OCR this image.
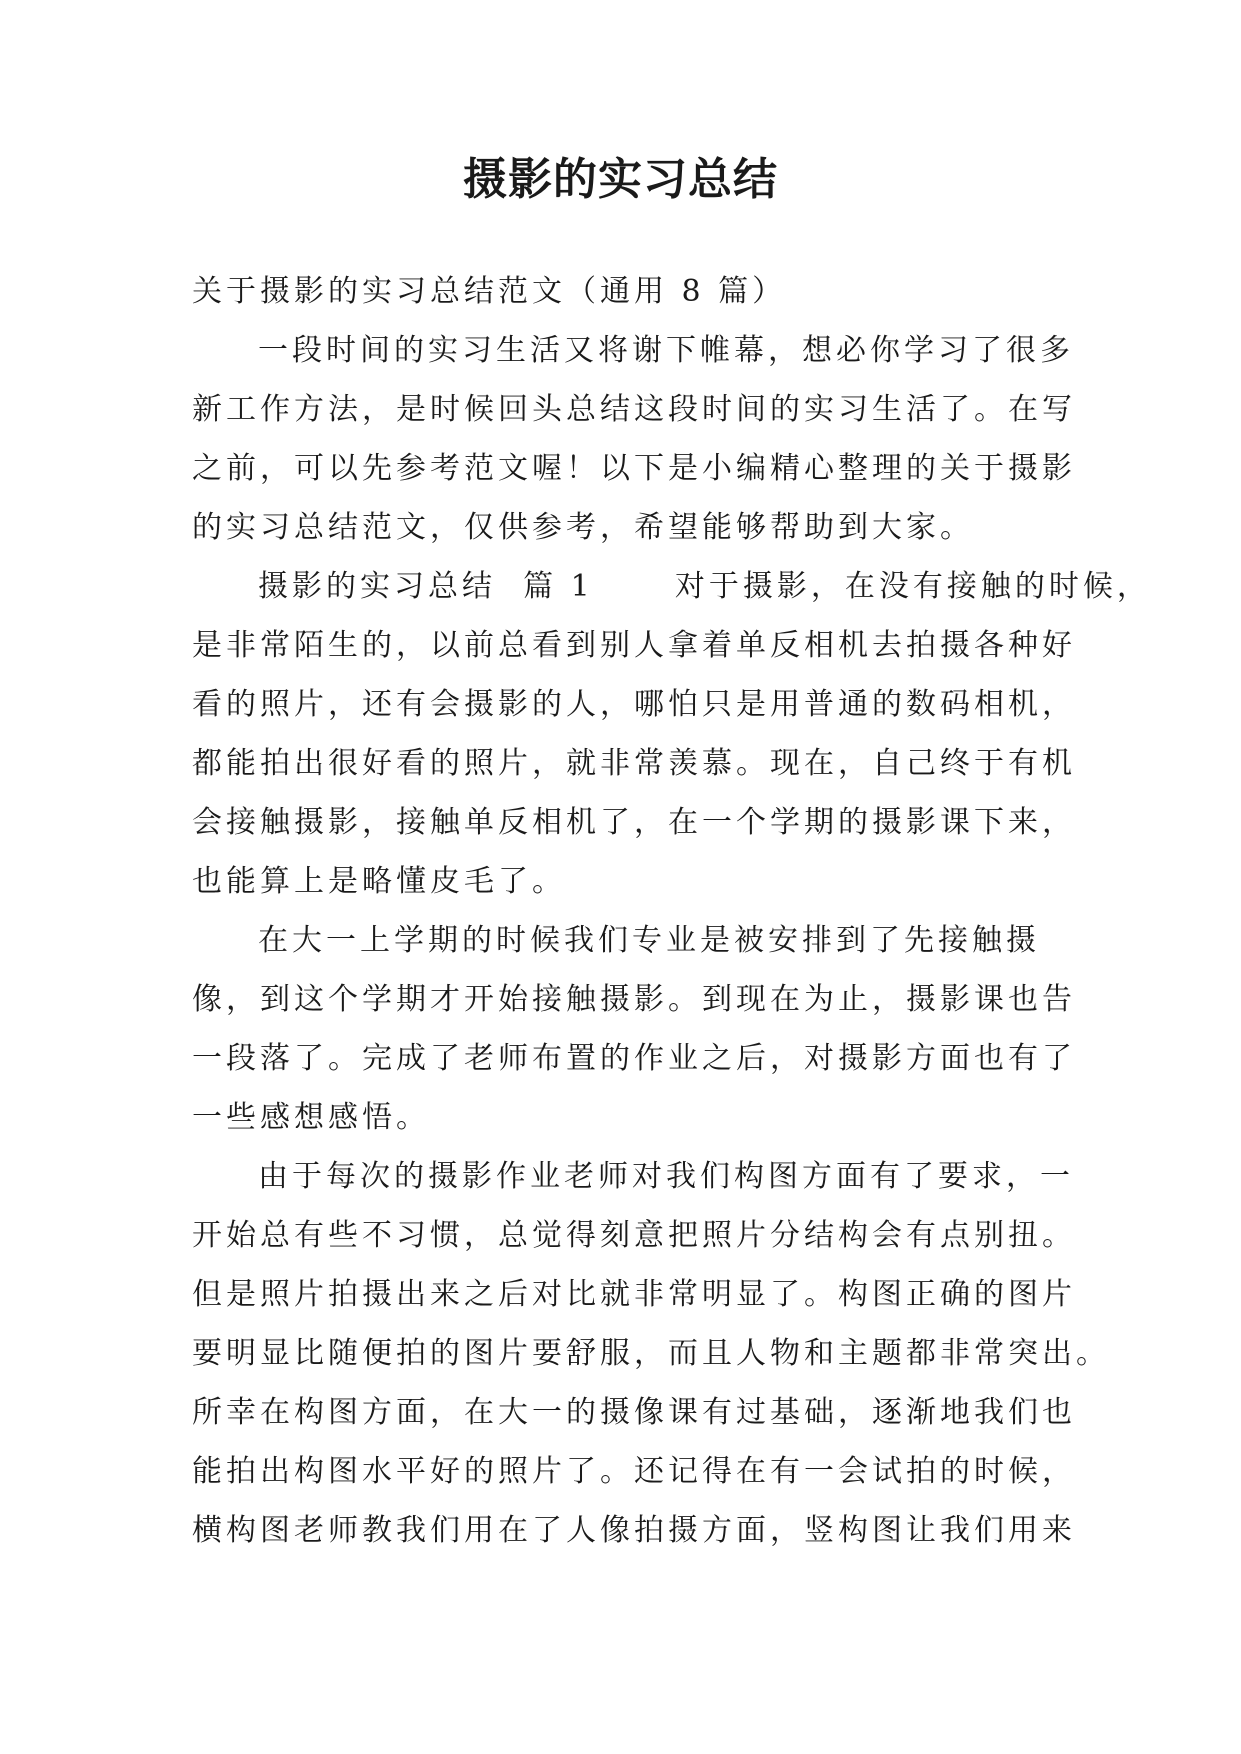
摄影的实习总结
关于摄影的实习总结范文（通用 8 篇）
一段时间的实习生活又将谢下帷幕，想必你学习了很多
新工作方法，是时候回头总结这段时间的实习生活了。在写
之前，可以先参考范文喔！以下是小编精心整理的关于摄影
的实习总结范文，仅供参考，希望能够帮助到大家。
摄影的实习总结  篇 1      对于摄影，在没有接触的时候，
是非常陌生的，以前总看到别人拿着单反相机去拍摄各种好
看的照片，还有会摄影的人，哪怕只是用普通的数码相机，
都能拍出很好看的照片，就非常羡慕。现在，自己终于有机
会接触摄影，接触单反相机了，在一个学期的摄影课下来，
也能算上是略懂皮毛了。
在大一上学期的时候我们专业是被安排到了先接触摄
像，到这个学期才开始接触摄影。到现在为止，摄影课也告
一段落了。完成了老师布置的作业之后，对摄影方面也有了
一些感想感悟。
由于每次的摄影作业老师对我们构图方面有了要求，一
开始总有些不习惯，总觉得刻意把照片分结构会有点别扭。
但是照片拍摄出来之后对比就非常明显了。构图正确的图片
要明显比随便拍的图片要舒服，而且人物和主题都非常突出。
所幸在构图方面，在大一的摄像课有过基础，逐渐地我们也
能拍出构图水平好的照片了。还记得在有一会试拍的时候，
横构图老师教我们用在了人像拍摄方面，竖构图让我们用来
